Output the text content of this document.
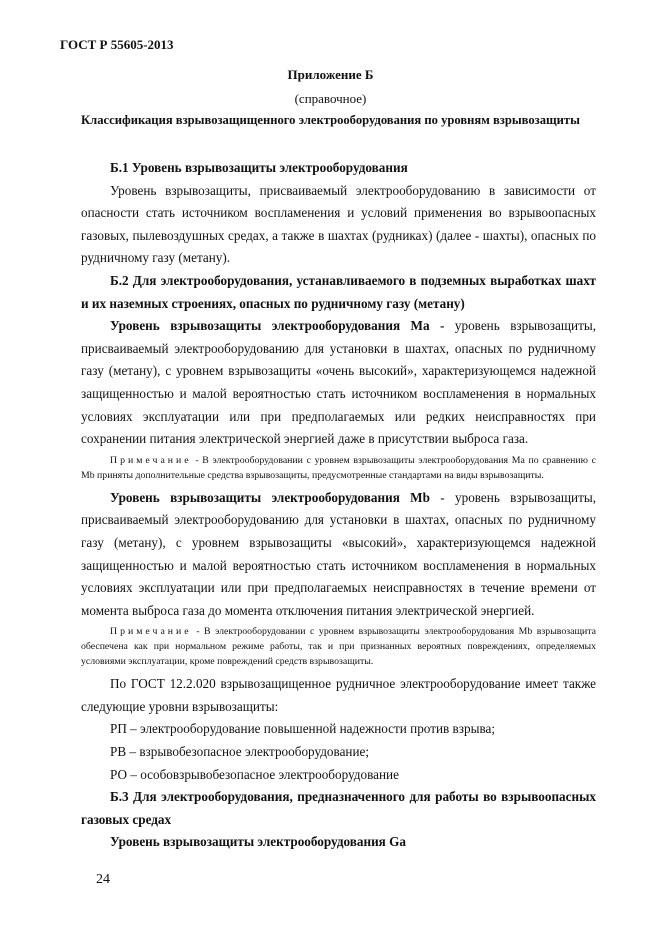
ГОСТ Р 55605-2013
Приложение Б
(справочное)
Классификация взрывозащищенного электрооборудования по уровням взрывозащиты

Б.1 Уровень взрывозащиты электрооборудования

Уровень взрывозащиты, присваиваемый электрооборудованию в зависимости от опасности стать источником воспламенения и условий применения во взрывоопасных газовых, пылевоздушных средах, а также в шахтах (рудниках) (далее - шахты), опасных по рудничному газу (метану).

Б.2 Для электрооборудования, устанавливаемого в подземных выработках шахт и их наземных строениях, опасных по рудничному газу (метану)

Уровень взрывозащиты электрооборудования Ма - уровень взрывозащиты, присваиваемый электрооборудованию для установки в шахтах, опасных по рудничному газу (метану), с уровнем взрывозащиты «очень высокий», характеризующемся надежной защищенностью и малой вероятностью стать источником воспламенения в нормальных условиях эксплуатации или при предполагаемых или редких неисправностях при сохранении питания электрической энергией даже в присутствии выброса газа.

Примечание - В электрооборудовании с уровнем взрывозащиты электрооборудования Ма по сравнению с Mb приняты дополнительные средства взрывозащиты, предусмотренные стандартами на виды взрывозащиты.

Уровень взрывозащиты электрооборудования Mb - уровень взрывозащиты, присваиваемый электрооборудованию для установки в шахтах, опасных по рудничному газу (метану), с уровнем взрывозащиты «высокий», характеризующемся надежной защищенностью и малой вероятностью стать источником воспламенения в нормальных условиях эксплуатации или при предполагаемых неисправностях в течение времени от момента выброса газа до момента отключения питания электрической энергией.

Примечание - В электрооборудовании с уровнем взрывозащиты электрооборудования Mb взрывозащита обеспечена как при нормальном режиме работы, так и при признанных вероятных повреждениях, определяемых условиями эксплуатации, кроме повреждений средств взрывозащиты.

По ГОСТ 12.2.020 взрывозащищенное рудничное электрооборудование имеет также следующие уровни взрывозащиты:

РП – электрооборудование повышенной надежности против взрыва;

РВ – взрывобезопасное электрооборудование;

РО – особовзрывобезопасное электрооборудование

Б.3 Для электрооборудования, предназначенного для работы во взрывоопасных газовых средах

Уровень взрывозащиты электрооборудования Ga

24
